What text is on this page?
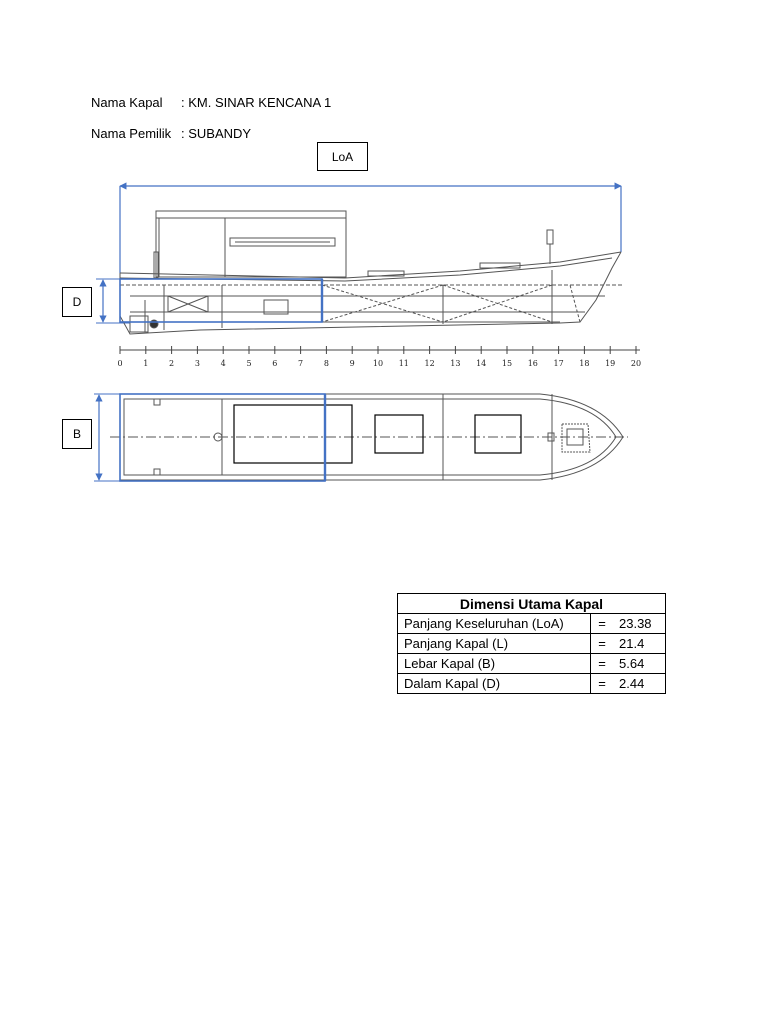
Nama Kapal : KM. SINAR KENCANA 1
Nama Pemilik : SUBANDY
0	1	2	3	4	5	6	7	8	9 10 11 12 13 14 15 16 17 18 19 20
LoA
D
B
Dimensi Utama Kapal		
Panjang Keseluruhan (LoA)	=	23.38
Panjang Kapal (L)	=	21.4
Lebar Kapal (B)	=	5.64
Dalam Kapal (D)	=	2.44
